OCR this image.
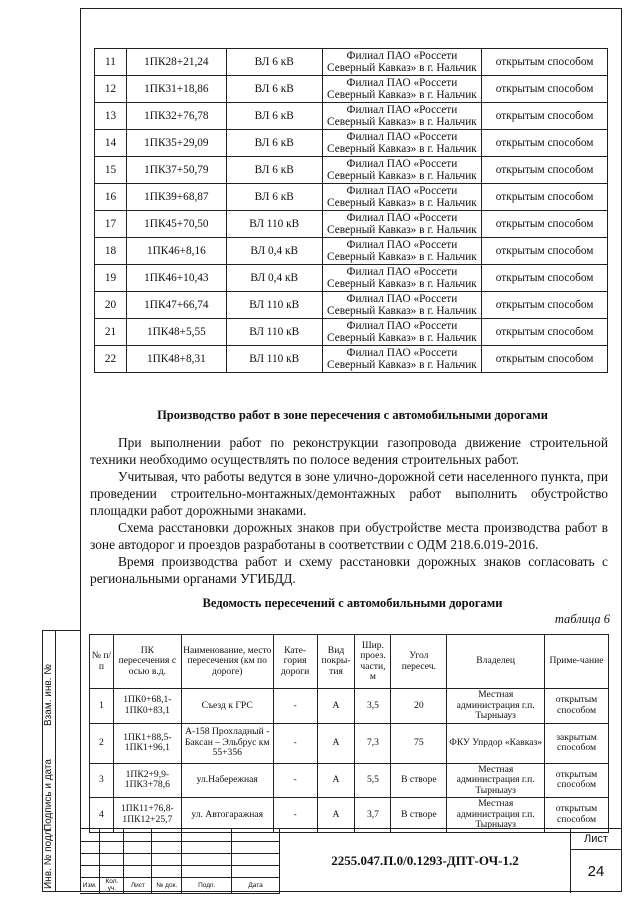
Взам. инв. №
Подпись и дата
Инв. № подл.
11	1ПК28+21,24	ВЛ 6 кВ	Филиал ПАО «Россети Северный Кавказ» в г. Нальчик	открытым способом
12	1ПК31+18,86	ВЛ 6 кВ	Филиал ПАО «Россети Северный Кавказ» в г. Нальчик	открытым способом
13	1ПК32+76,78	ВЛ 6 кВ	Филиал ПАО «Россети Северный Кавказ» в г. Нальчик	открытым способом
14	1ПК35+29,09	ВЛ 6 кВ	Филиал ПАО «Россети Северный Кавказ» в г. Нальчик	открытым способом
15	1ПК37+50,79	ВЛ 6 кВ	Филиал ПАО «Россети Северный Кавказ» в г. Нальчик	открытым способом
16	1ПК39+68,87	ВЛ 6 кВ	Филиал ПАО «Россети Северный Кавказ» в г. Нальчик	открытым способом
17	1ПК45+70,50	ВЛ 110 кВ	Филиал ПАО «Россети Северный Кавказ» в г. Нальчик	открытым способом
18	1ПК46+8,16	ВЛ 0,4 кВ	Филиал ПАО «Россети Северный Кавказ» в г. Нальчик	открытым способом
19	1ПК46+10,43	ВЛ 0,4 кВ	Филиал ПАО «Россети Северный Кавказ» в г. Нальчик	открытым способом
20	1ПК47+66,74	ВЛ 110 кВ	Филиал ПАО «Россети Северный Кавказ» в г. Нальчик	открытым способом
21	1ПК48+5,55	ВЛ 110 кВ	Филиал ПАО «Россети Северный Кавказ» в г. Нальчик	открытым способом
22	1ПК48+8,31	ВЛ 110 кВ	Филиал ПАО «Россети Северный Кавказ» в г. Нальчик	открытым способом
Производство работ в зоне пересечения с автомобильными дорогами

При выполнении работ по реконструкции газопровода движение строительной техники необходимо осуществлять по полосе ведения строительных работ.

Учитывая, что работы ведутся в зоне улично-дорожной сети населенного пункта, при проведении строительно-монтажных/демонтажных работ выполнить обустройство площадки работ дорожными знаками.

Схема расстановки дорожных знаков при обустройстве места производства работ в зоне автодорог и проездов разработаны в соответствии с ОДМ 218.6.019-2016.

Время производства работ и схему расстановки дорожных знаков согласовать с региональными органами УГИБДД.

Ведомость пересечений с автомобильными дорогами
таблица 6
№ п/п	ПК пересечения с осью в.д.	Наименование, место пересечения (км по дороге)	Кате-гория дороги	Вид покры-тия	Шир. проез. части, м	Угол пересеч.	Владелец	Приме-чание
1	1ПК0+68,1-1ПК0+83,1	Съезд к ГРС	-	А	3,5	20	Местная администрация г.п. Тырныауз	открытым способом
2	1ПК1+88,5-1ПК1+96,1	А-158 Прохладный - Баксан – Эльбрус км 55+356	-	А	7,3	75	ФКУ Упрдор «Кавказ»	закрытым способом
3	1ПК2+9,9-1ПК3+78,6	ул.Набережная	-	А	5,5	В створе	Местная администрация г.п. Тырныауз	открытым способом
4	1ПК11+76,8-1ПК12+25,7	ул. Автогаражная	-	А	3,7	В створе	Местная администрация г.п. Тырныауз	открытым способом

Изм.	Кол. уч.	Лист	№ док.	Подп.	Дата
2255.047.П.0/0.1293-ДПТ-ОЧ-1.2
Лист
24
